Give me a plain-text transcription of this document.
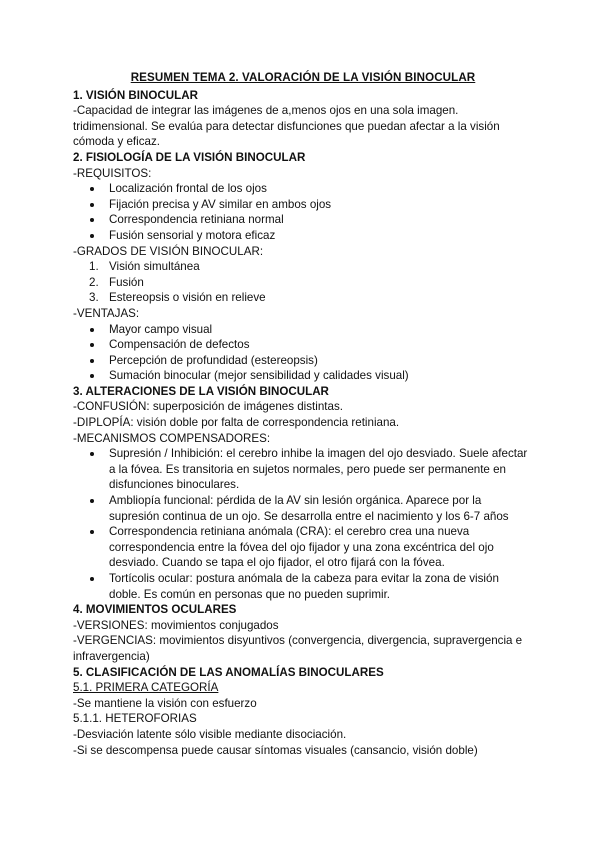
RESUMEN TEMA 2. VALORACIÓN DE LA VISIÓN BINOCULAR

1. VISIÓN BINOCULAR

-Capacidad de integrar las imágenes de a,menos ojos en una sola imagen. tridimensional. Se evalúa para detectar disfunciones que puedan afectar a la visión cómoda y eficaz.

2. FISIOLOGÍA DE LA VISIÓN BINOCULAR

-REQUISITOS:

Localización frontal de los ojos
Fijación precisa y AV similar en ambos ojos
Correspondencia retiniana normal
Fusión sensorial y motora eficaz

-GRADOS DE VISIÓN BINOCULAR:

1. Visión simultánea
2. Fusión
3. Estereopsis o visión en relieve

-VENTAJAS:

Mayor campo visual
Compensación de defectos
Percepción de profundidad (estereopsis)
Sumación binocular (mejor sensibilidad y calidades visual)

3. ALTERACIONES DE LA VISIÓN BINOCULAR

-CONFUSIÓN: superposición de imágenes distintas.

-DIPLOPÍA: visión doble por falta de correspondencia retiniana.

-MECANISMOS COMPENSADORES:

Supresión / Inhibición: el cerebro inhibe la imagen del ojo desviado. Suele afectar a la fóvea. Es transitoria en sujetos normales, pero puede ser permanente en disfunciones binoculares.
Ambliopía funcional: pérdida de la AV sin lesión orgánica. Aparece por la supresión continua de un ojo. Se desarrolla entre el nacimiento y los 6-7 años
Correspondencia retiniana anómala (CRA): el cerebro crea una nueva correspondencia entre la fóvea del ojo fijador y una zona excéntrica del ojo desviado. Cuando se tapa el ojo fijador, el otro fijará con la fóvea.
Tortícolis ocular: postura anómala de la cabeza para evitar la zona de visión doble. Es común en personas que no pueden suprimir.

4. MOVIMIENTOS OCULARES

-VERSIONES: movimientos conjugados

-VERGENCIAS: movimientos disyuntivos (convergencia, divergencia, supravergencia e infravergencia)

5. CLASIFICACIÓN DE LAS ANOMALÍAS BINOCULARES

5.1. PRIMERA CATEGORÍA

-Se mantiene la visión con esfuerzo

5.1.1. HETEROFORIAS

-Desviación latente sólo visible mediante disociación.

-Si se descompensa puede causar síntomas visuales (cansancio, visión doble)
